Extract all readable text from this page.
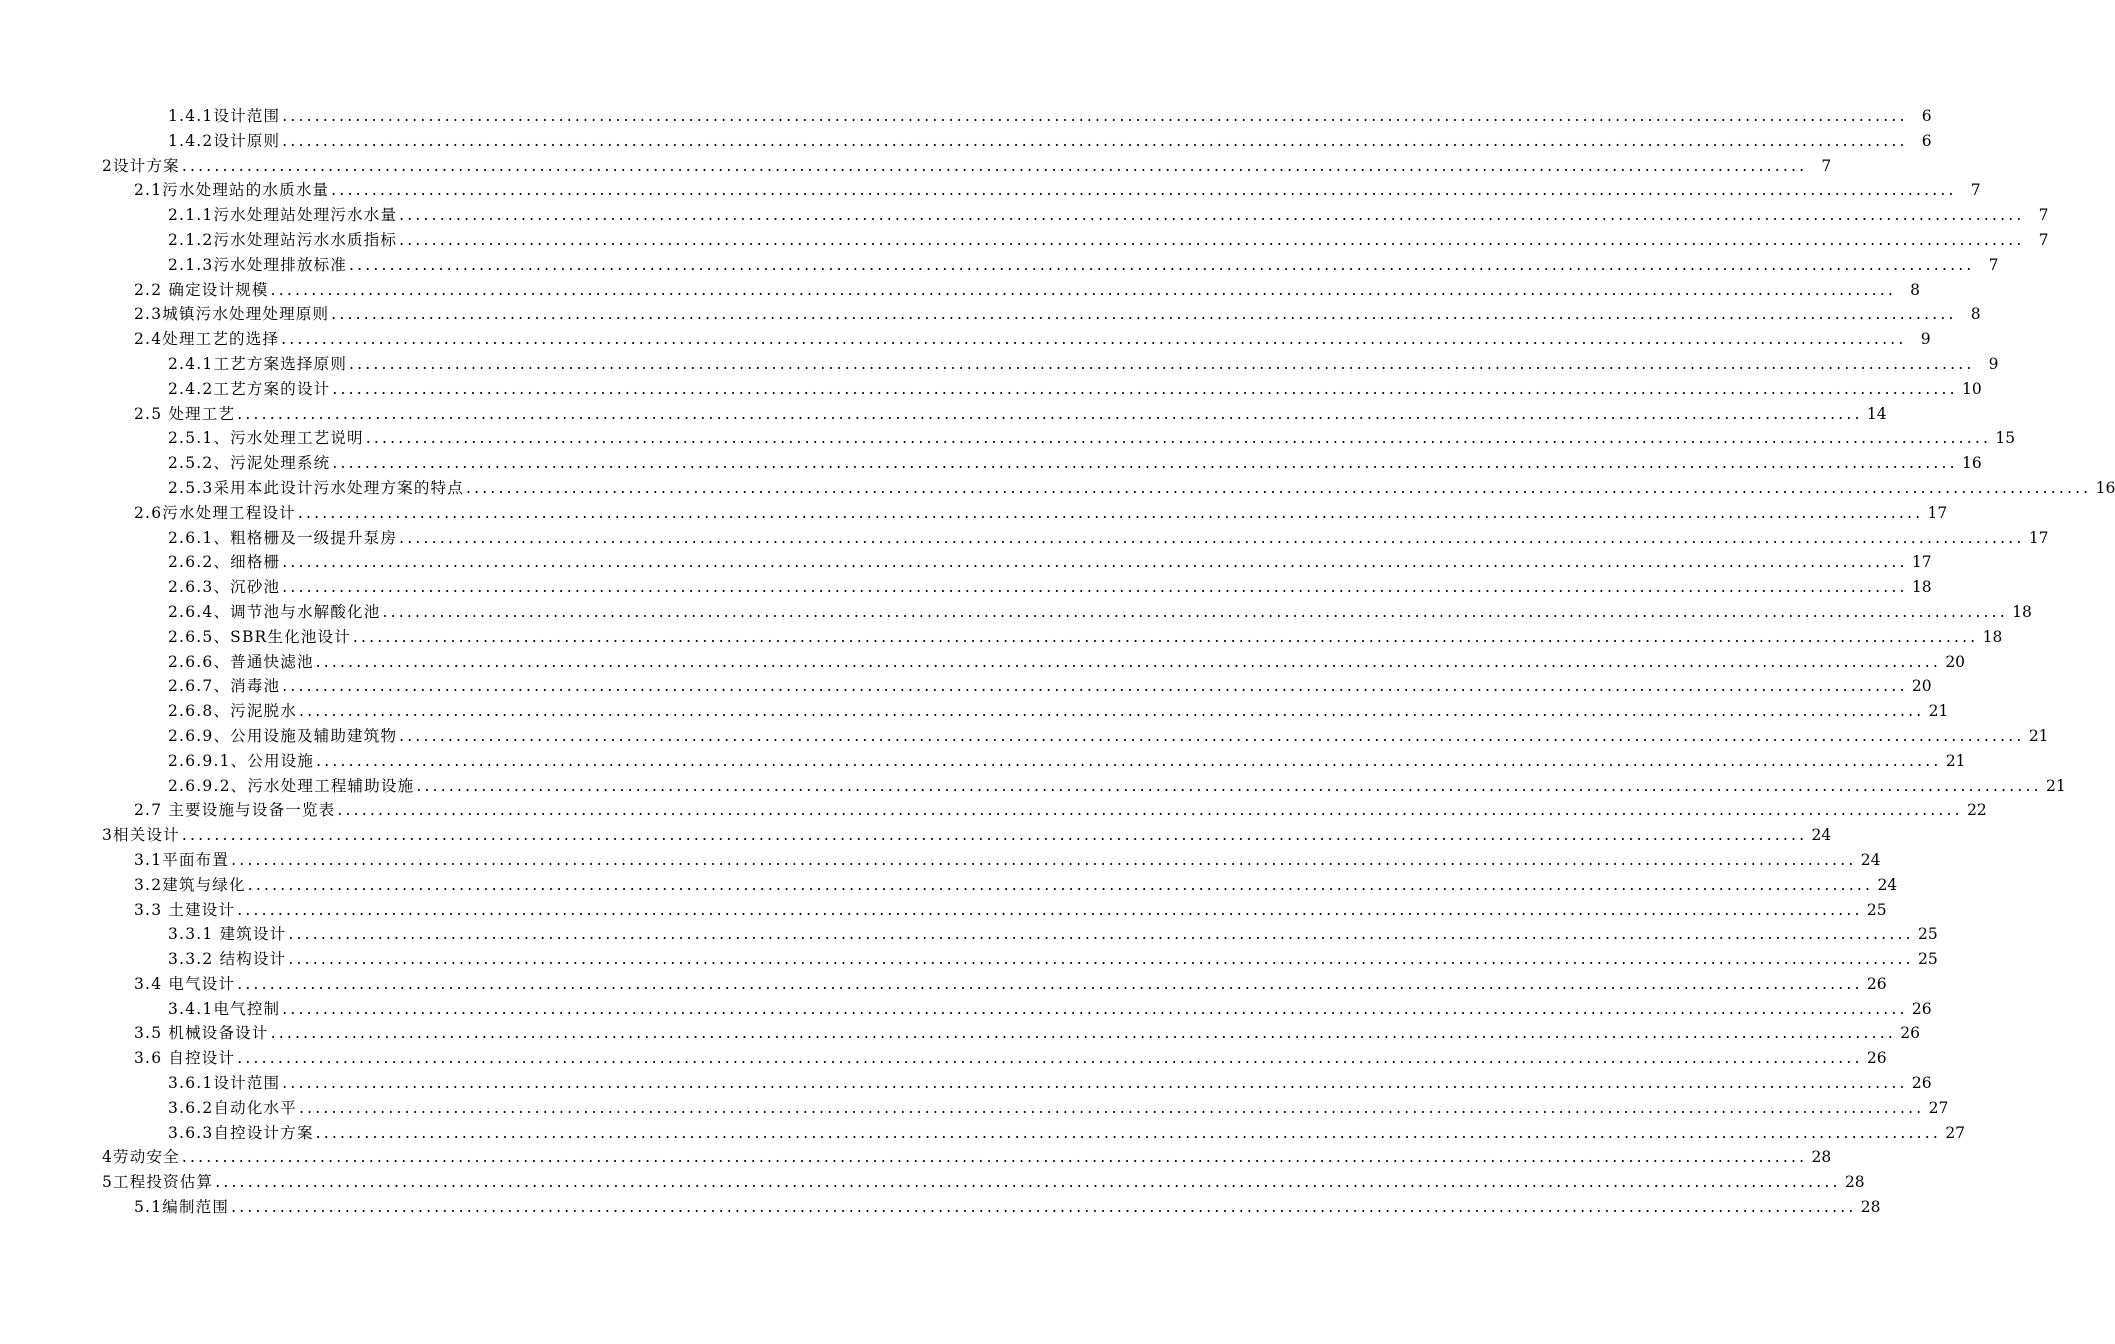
1.4.1设计范围 ........................................................................................................................................................................................................ 6
1.4.2设计原则 ........................................................................................................................................................................................................ 6
2设计方案 ........................................................................................................................................................................................................ 7
2.1污水处理站的水质水量 ........................................................................................................................................................................................................ 7
2.1.1污水处理站处理污水水量 ........................................................................................................................................................................................................ 7
2.1.2污水处理站污水水质指标 ........................................................................................................................................................................................................ 7
2.1.3污水处理排放标准 ........................................................................................................................................................................................................ 7
2.2 确定设计规模 ........................................................................................................................................................................................................ 8
2.3城镇污水处理处理原则 ........................................................................................................................................................................................................ 8
2.4处理工艺的选择 ........................................................................................................................................................................................................ 9
2.4.1工艺方案选择原则 ........................................................................................................................................................................................................ 9
2.4.2工艺方案的设计 ........................................................................................................................................................................................................ 10
2.5 处理工艺 ........................................................................................................................................................................................................ 14
2.5.1、污水处理工艺说明 ........................................................................................................................................................................................................ 15
2.5.2、污泥处理系统 ........................................................................................................................................................................................................ 16
2.5.3采用本此设计污水处理方案的特点 ........................................................................................................................................................................................................ 16
2.6污水处理工程设计 ........................................................................................................................................................................................................ 17
2.6.1、粗格栅及一级提升泵房 ........................................................................................................................................................................................................ 17
2.6.2、细格栅 ........................................................................................................................................................................................................ 17
2.6.3、沉砂池 ........................................................................................................................................................................................................ 18
2.6.4、调节池与水解酸化池 ........................................................................................................................................................................................................ 18
2.6.5、SBR生化池设计 ........................................................................................................................................................................................................ 18
2.6.6、普通快滤池 ........................................................................................................................................................................................................ 20
2.6.7、消毒池 ........................................................................................................................................................................................................ 20
2.6.8、污泥脱水 ........................................................................................................................................................................................................ 21
2.6.9、公用设施及辅助建筑物 ........................................................................................................................................................................................................ 21
2.6.9.1、公用设施 ........................................................................................................................................................................................................ 21
2.6.9.2、污水处理工程辅助设施 ........................................................................................................................................................................................................ 21
2.7 主要设施与设备一览表 ........................................................................................................................................................................................................ 22
3相关设计 ........................................................................................................................................................................................................ 24
3.1平面布置 ........................................................................................................................................................................................................ 24
3.2建筑与绿化 ........................................................................................................................................................................................................ 24
3.3 土建设计 ........................................................................................................................................................................................................ 25
3.3.1 建筑设计 ........................................................................................................................................................................................................ 25
3.3.2 结构设计 ........................................................................................................................................................................................................ 25
3.4 电气设计 ........................................................................................................................................................................................................ 26
3.4.1电气控制 ........................................................................................................................................................................................................ 26
3.5 机械设备设计 ........................................................................................................................................................................................................ 26
3.6 自控设计 ........................................................................................................................................................................................................ 26
3.6.1设计范围 ........................................................................................................................................................................................................ 26
3.6.2自动化水平 ........................................................................................................................................................................................................ 27
3.6.3自控设计方案 ........................................................................................................................................................................................................ 27
4劳动安全 ........................................................................................................................................................................................................ 28
5工程投资估算 ........................................................................................................................................................................................................ 28
5.1编制范围 ........................................................................................................................................................................................................ 28
